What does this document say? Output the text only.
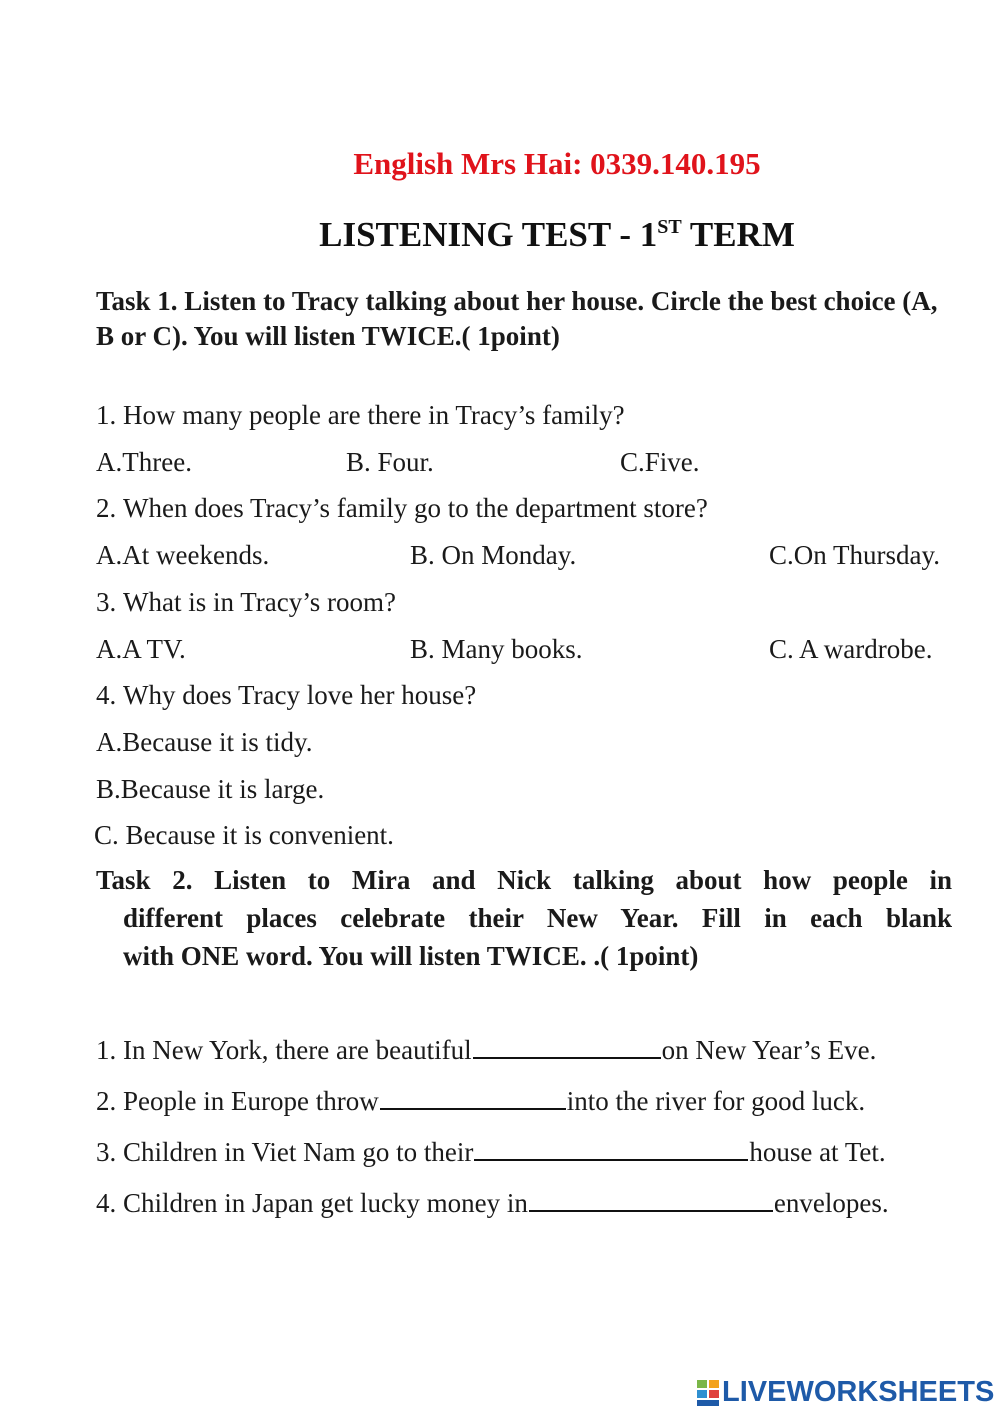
English Mrs Hai: 0339.140.195
LISTENING TEST - 1ST TERM
Task 1. Listen to Tracy talking about her house. Circle the best choice (A, B or C). You will listen TWICE.( 1point)
1. How many people are there in Tracy’s family?
A.Three.	B. Four.	C.Five.
2. When does Tracy’s family go to the department store?
A.At weekends.	B. On Monday.	C.On Thursday.
3. What is in Tracy’s room?
A.A TV.	B. Many books.	C. A wardrobe.
4. Why does Tracy love her house?
A.Because it is tidy.
B.Because it is large.
C. Because it is convenient.
Task 2. Listen to Mira and Nick talking about how people in
different places celebrate their New Year. Fill in each blank
with ONE word. You will listen TWICE. .( 1point)
1. In New York, there are beautiful	on New Year’s Eve.
2. People in Europe throw	into the river for good luck.
3. Children in Viet Nam go to their	house at Tet.
4. Children in Japan get lucky money in	envelopes.
LIVEWORKSHEETS
